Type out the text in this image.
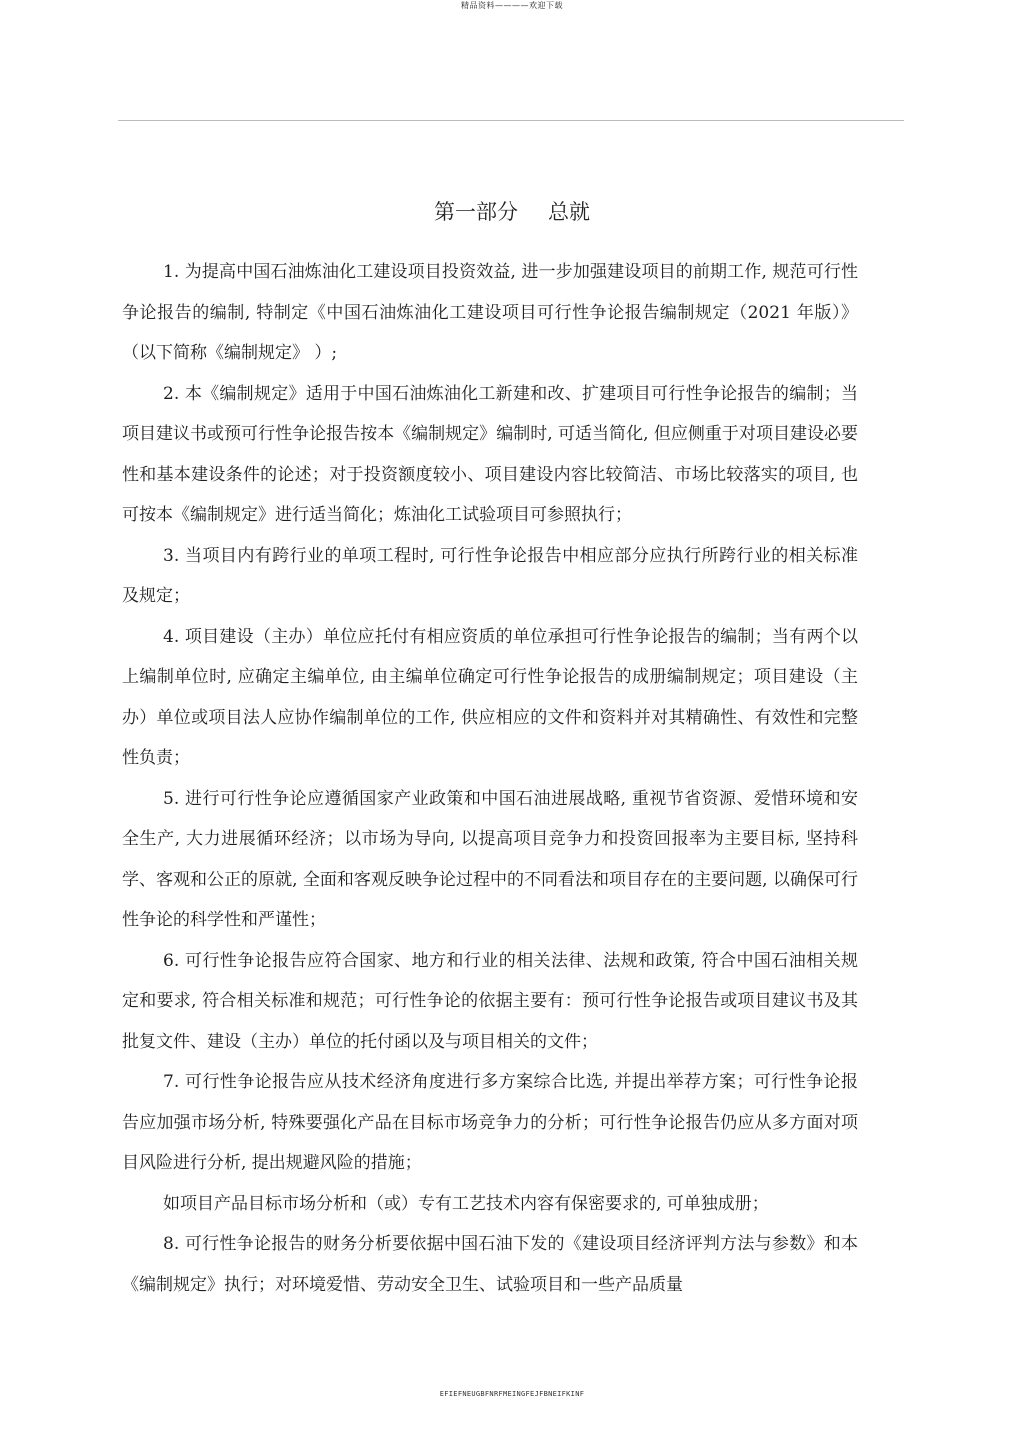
精品资料————欢迎下载
第一部分 总就

1. 为提高中国石油炼油化工建设项目投资效益, 进一步加强建设项目的前期工作, 规范可行性争论报告的编制, 特制定《中国石油炼油化工建设项目可行性争论报告编制规定（2021 年版）》（以下简称《编制规定》 ）;

2. 本《编制规定》适用于中国石油炼油化工新建和改、扩建项目可行性争论报告的编制；当项目建议书或预可行性争论报告按本《编制规定》编制时, 可适当简化, 但应侧重于对项目建设必要性和基本建设条件的论述；对于投资额度较小、项目建设内容比较简洁、市场比较落实的项目, 也可按本《编制规定》进行适当简化；炼油化工试验项目可参照执行；

3. 当项目内有跨行业的单项工程时, 可行性争论报告中相应部分应执行所跨行业的相关标准及规定；

4. 项目建设（主办）单位应托付有相应资质的单位承担可行性争论报告的编制；当有两个以上编制单位时, 应确定主编单位, 由主编单位确定可行性争论报告的成册编制规定；项目建设（主办）单位或项目法人应协作编制单位的工作, 供应相应的文件和资料并对其精确性、有效性和完整性负责；

5. 进行可行性争论应遵循国家产业政策和中国石油进展战略, 重视节省资源、爱惜环境和安全生产, 大力进展循环经济；以市场为导向, 以提高项目竞争力和投资回报率为主要目标, 坚持科学、客观和公正的原就, 全面和客观反映争论过程中的不同看法和项目存在的主要问题, 以确保可行性争论的科学性和严谨性；

6. 可行性争论报告应符合国家、地方和行业的相关法律、法规和政策, 符合中国石油相关规定和要求, 符合相关标准和规范；可行性争论的依据主要有：预可行性争论报告或项目建议书及其批复文件、建设（主办）单位的托付函以及与项目相关的文件；

7. 可行性争论报告应从技术经济角度进行多方案综合比选, 并提出举荐方案；可行性争论报告应加强市场分析, 特殊要强化产品在目标市场竞争力的分析；可行性争论报告仍应从多方面对项目风险进行分析, 提出规避风险的措施；

如项目产品目标市场分析和（或）专有工艺技术内容有保密要求的, 可单独成册；

8. 可行性争论报告的财务分析要依据中国石油下发的《建设项目经济评判方法与参数》和本《编制规定》执行；对环境爱惜、劳动安全卫生、试验项目和一些产品质量

EFIEFNEUGBFNRFMEINGFEJFBNEIFKINF
